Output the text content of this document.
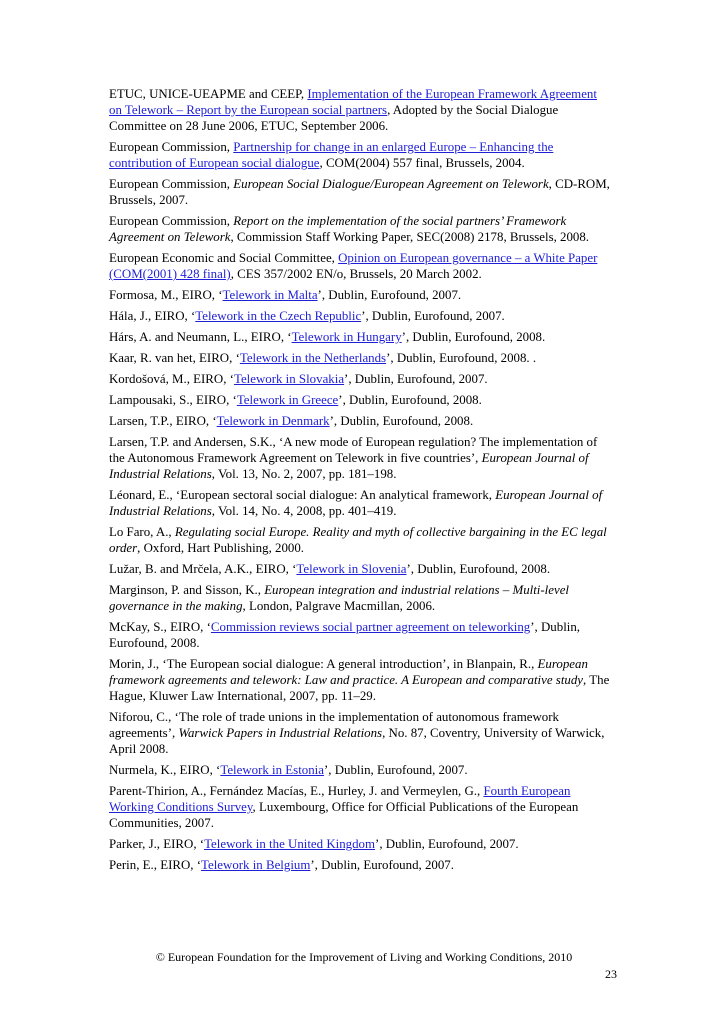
ETUC, UNICE-UEAPME and CEEP, Implementation of the European Framework Agreement on Telework – Report by the European social partners, Adopted by the Social Dialogue Committee on 28 June 2006, ETUC, September 2006.
European Commission, Partnership for change in an enlarged Europe – Enhancing the contribution of European social dialogue, COM(2004) 557 final, Brussels, 2004.
European Commission, European Social Dialogue/European Agreement on Telework, CD-ROM, Brussels, 2007.
European Commission, Report on the implementation of the social partners’ Framework Agreement on Telework, Commission Staff Working Paper, SEC(2008) 2178, Brussels, 2008.
European Economic and Social Committee, Opinion on European governance – a White Paper (COM(2001) 428 final), CES 357/2002 EN/o, Brussels, 20 March 2002.
Formosa, M., EIRO, ‘Telework in Malta’, Dublin, Eurofound, 2007.
Hála, J., EIRO, ‘Telework in the Czech Republic’, Dublin, Eurofound, 2007.
Hárs, A. and Neumann, L., EIRO, ‘Telework in Hungary’, Dublin, Eurofound, 2008.
Kaar, R. van het, EIRO, ‘Telework in the Netherlands’, Dublin, Eurofound, 2008. .
Kordošová, M., EIRO, ‘Telework in Slovakia’, Dublin, Eurofound, 2007.
Lampousaki, S., EIRO, ‘Telework in Greece’, Dublin, Eurofound, 2008.
Larsen, T.P., EIRO, ‘Telework in Denmark’, Dublin, Eurofound, 2008.
Larsen, T.P. and Andersen, S.K., ‘A new mode of European regulation? The implementation of the Autonomous Framework Agreement on Telework in five countries’, European Journal of Industrial Relations, Vol. 13, No. 2, 2007, pp. 181–198.
Léonard, E., ‘European sectoral social dialogue: An analytical framework, European Journal of Industrial Relations, Vol. 14, No. 4, 2008, pp. 401–419.
Lo Faro, A., Regulating social Europe. Reality and myth of collective bargaining in the EC legal order, Oxford, Hart Publishing, 2000.
Lužar, B. and Mrčela, A.K., EIRO, ‘Telework in Slovenia’, Dublin, Eurofound, 2008.
Marginson, P. and Sisson, K., European integration and industrial relations – Multi-level governance in the making, London, Palgrave Macmillan, 2006.
McKay, S., EIRO, ‘Commission reviews social partner agreement on teleworking’, Dublin, Eurofound, 2008.
Morin, J., ‘The European social dialogue: A general introduction’, in Blanpain, R., European framework agreements and telework: Law and practice. A European and comparative study, The Hague, Kluwer Law International, 2007, pp. 11–29.
Niforou, C., ‘The role of trade unions in the implementation of autonomous framework agreements’, Warwick Papers in Industrial Relations, No. 87, Coventry, University of Warwick, April 2008.
Nurmela, K., EIRO, ‘Telework in Estonia’, Dublin, Eurofound, 2007.
Parent-Thirion, A., Fernández Macías, E., Hurley, J. and Vermeylen, G., Fourth European Working Conditions Survey, Luxembourg, Office for Official Publications of the European Communities, 2007.
Parker, J., EIRO, ‘Telework in the United Kingdom’, Dublin, Eurofound, 2007.
Perin, E., EIRO, ‘Telework in Belgium’, Dublin, Eurofound, 2007.
© European Foundation for the Improvement of Living and Working Conditions, 2010
23
